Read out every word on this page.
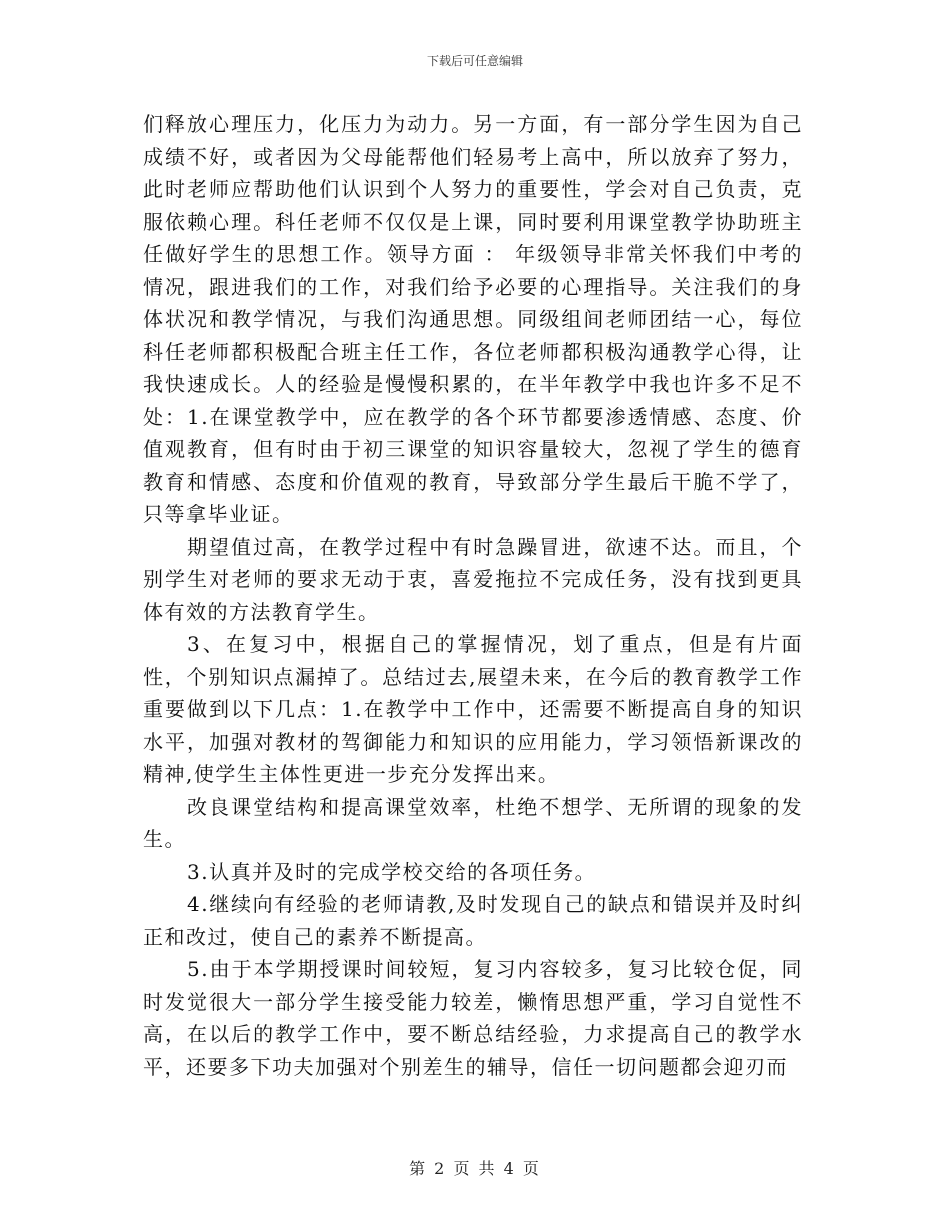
下载后可任意编辑

们释放心理压力，化压力为动力。另一方面，有一部分学生因为自己成绩不好，或者因为父母能帮他们轻易考上高中，所以放弃了努力，此时老师应帮助他们认识到个人努力的重要性，学会对自己负责，克服依赖心理。科任老师不仅仅是上课，同时要利用课堂教学协助班主任做好学生的思想工作。领导方面 ： 年级领导非常关怀我们中考的情况，跟进我们的工作，对我们给予必要的心理指导。关注我们的身体状况和教学情况，与我们沟通思想。同级组间老师团结一心，每位科任老师都积极配合班主任工作，各位老师都积极沟通教学心得，让我快速成长。人的经验是慢慢积累的，在半年教学中我也许多不足不处：1.在课堂教学中，应在教学的各个环节都要渗透情感、态度、价值观教育，但有时由于初三课堂的知识容量较大，忽视了学生的德育教育和情感、态度和价值观的教育，导致部分学生最后干脆不学了，只等拿毕业证。

期望值过高，在教学过程中有时急躁冒进，欲速不达。而且，个别学生对老师的要求无动于衷，喜爱拖拉不完成任务，没有找到更具体有效的方法教育学生。

3、在复习中，根据自己的掌握情况，划了重点，但是有片面性，个别知识点漏掉了。总结过去,展望未来，在今后的教育教学工作重要做到以下几点：1.在教学中工作中，还需要不断提高自身的知识水平，加强对教材的驾御能力和知识的应用能力，学习领悟新课改的精神,使学生主体性更进一步充分发挥出来。

改良课堂结构和提高课堂效率，杜绝不想学、无所谓的现象的发生。

3.认真并及时的完成学校交给的各项任务。

4.继续向有经验的老师请教,及时发现自己的缺点和错误并及时纠正和改过，使自己的素养不断提高。

5.由于本学期授课时间较短，复习内容较多，复习比较仓促，同时发觉很大一部分学生接受能力较差，懒惰思想严重，学习自觉性不高，在以后的教学工作中，要不断总结经验，力求提高自己的教学水平，还要多下功夫加强对个别差生的辅导，信任一切问题都会迎刃而

第 2 页 共 4 页
